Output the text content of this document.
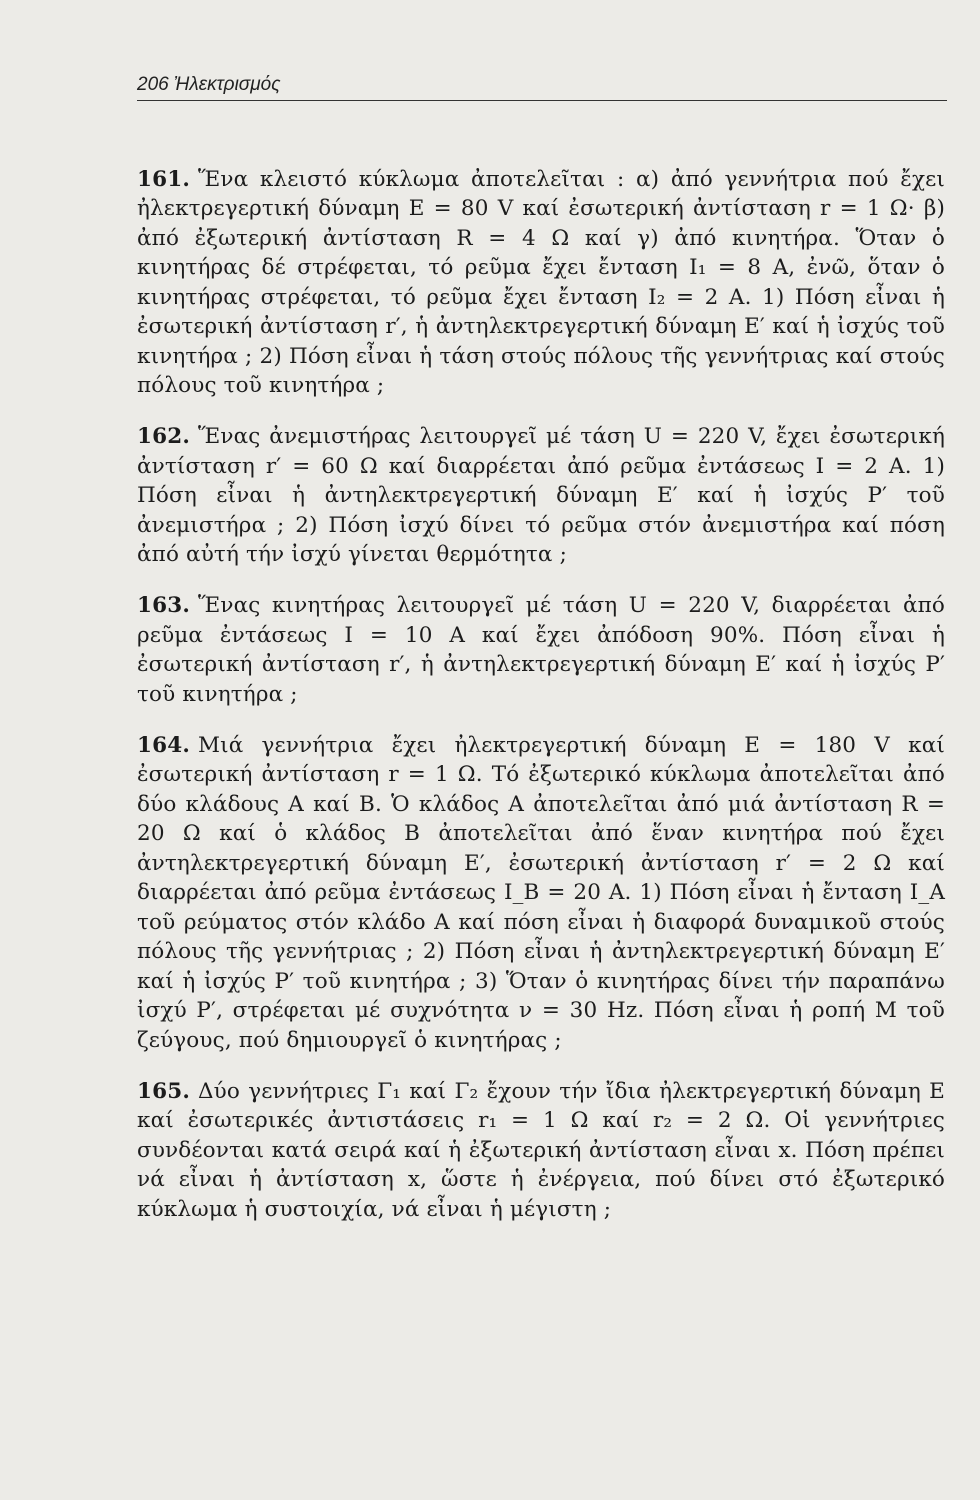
206 Ἠλεκτρισμός

161. Ἕνα κλειστό κύκλωμα ἀποτελεῖται : α) ἀπό γεννήτρια πού ἔχει ἠλεκτρεγερτική δύναμη E = 80 V καί ἐσωτερική ἀντίσταση r = 1 Ω· β) ἀπό ἐξωτερική ἀντίσταση R = 4 Ω καί γ) ἀπό κινητήρα. Ὅταν ὁ κινητήρας δέ στρέφεται, τό ρεῦμα ἔχει ἔνταση I₁ = 8 A, ἐνῶ, ὅταν ὁ κινητήρας στρέφεται, τό ρεῦμα ἔχει ἔνταση I₂ = 2 A. 1) Πόση εἶναι ἡ ἐσωτερική ἀντίσταση r′, ἡ ἀντηλεκτρεγερτική δύναμη E′ καί ἡ ἰσχύς τοῦ κινητήρα ; 2) Πόση εἶναι ἡ τάση στούς πόλους τῆς γεννήτριας καί στούς πόλους τοῦ κινητήρα ;

162. Ἕνας ἀνεμιστήρας λειτουργεῖ μέ τάση U = 220 V, ἔχει ἐσωτερική ἀντίσταση r′ = 60 Ω καί διαρρέεται ἀπό ρεῦμα ἐντάσεως I = 2 A. 1) Πόση εἶναι ἡ ἀντηλεκτρεγερτική δύναμη E′ καί ἡ ἰσχύς P′ τοῦ ἀνεμιστήρα ; 2) Πόση ἰσχύ δίνει τό ρεῦμα στόν ἀνεμιστήρα καί πόση ἀπό αὐτή τήν ἰσχύ γίνεται θερμότητα ;

163. Ἕνας κινητήρας λειτουργεῖ μέ τάση U = 220 V, διαρρέεται ἀπό ρεῦμα ἐντάσεως I = 10 A καί ἔχει ἀπόδοση 90%. Πόση εἶναι ἡ ἐσωτερική ἀντίσταση r′, ἡ ἀντηλεκτρεγερτική δύναμη E′ καί ἡ ἰσχύς P′ τοῦ κινητήρα ;

164. Μιά γεννήτρια ἔχει ἠλεκτρεγερτική δύναμη E = 180 V καί ἐσωτερική ἀντίσταση r = 1 Ω. Τό ἐξωτερικό κύκλωμα ἀποτελεῖται ἀπό δύο κλάδους A καί B. Ὁ κλάδος A ἀποτελεῖται ἀπό μιά ἀντίσταση R = 20 Ω καί ὁ κλάδος B ἀποτελεῖται ἀπό ἕναν κινητήρα πού ἔχει ἀντηλεκτρεγερτική δύναμη E′, ἐσωτερική ἀντίσταση r′ = 2 Ω καί διαρρέεται ἀπό ρεῦμα ἐντάσεως I_B = 20 A. 1) Πόση εἶναι ἡ ἔνταση I_A τοῦ ρεύματος στόν κλάδο A καί πόση εἶναι ἡ διαφορά δυναμικοῦ στούς πόλους τῆς γεννήτριας ; 2) Πόση εἶναι ἡ ἀντηλεκτρεγερτική δύναμη E′ καί ἡ ἰσχύς P′ τοῦ κινητήρα ; 3) Ὅταν ὁ κινητήρας δίνει τήν παραπάνω ἰσχύ P′, στρέφεται μέ συχνότητα ν = 30 Hz. Πόση εἶναι ἡ ροπή M τοῦ ζεύγους, πού δημιουργεῖ ὁ κινητήρας ;

165. Δύο γεννήτριες Γ₁ καί Γ₂ ἔχουν τήν ἴδια ἠλεκτρεγερτική δύναμη E καί ἐσωτερικές ἀντιστάσεις r₁ = 1 Ω καί r₂ = 2 Ω. Οἱ γεννήτριες συνδέονται κατά σειρά καί ἡ ἐξωτερική ἀντίσταση εἶναι x. Πόση πρέπει νά εἶναι ἡ ἀντίσταση x, ὥστε ἡ ἐνέργεια, πού δίνει στό ἐξωτερικό κύκλωμα ἡ συστοιχία, νά εἶναι ἡ μέγιστη ;
